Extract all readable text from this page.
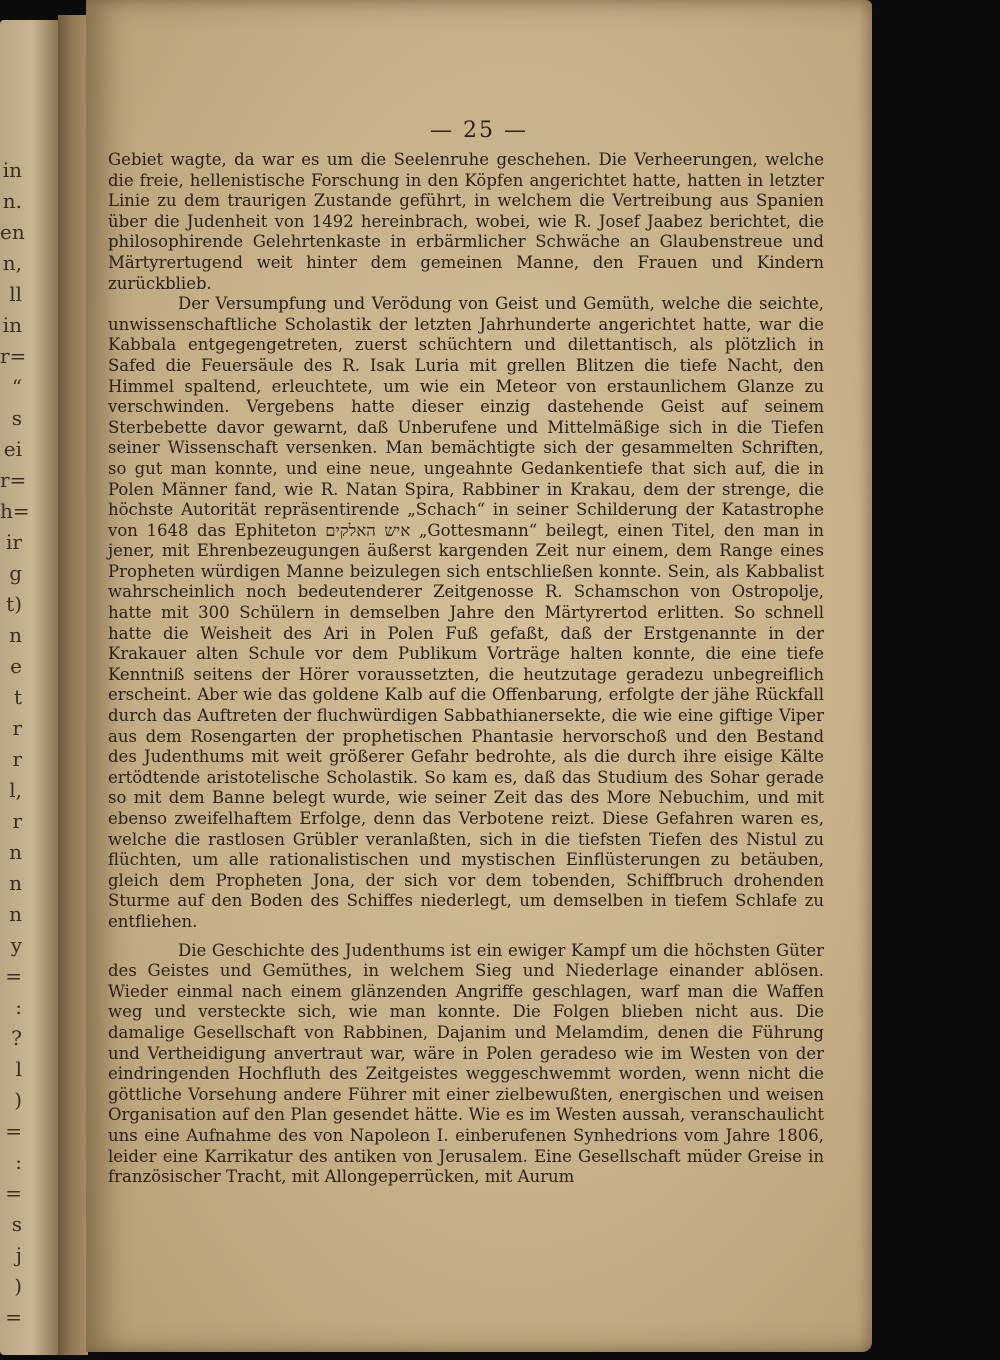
in
n.
en
n,
ll
in
r=
“
s
ei
r=
h=
ir
g
t)
n
e
t
r
r
l,
r
n
n
n
y
=
:
?
l
)
=
:
=
s
j
)
=
— 25 —

Gebiet wagte, da war es um die Seelenruhe geschehen. Die Verheerungen, welche die freie, hellenistische Forschung in den Köpfen angerichtet hatte, hatten in letzter Linie zu dem traurigen Zustande geführt, in welchem die Vertreibung aus Spanien über die Judenheit von 1492 hereinbrach, wobei, wie R. Josef Jaabez berichtet, die philosophirende Gelehrtenkaste in erbärmlicher Schwäche an Glaubenstreue und Märtyrertugend weit hinter dem gemeinen Manne, den Frauen und Kindern zurückblieb.

Der Versumpfung und Verödung von Geist und Gemüth, welche die seichte, unwissenschaftliche Scholastik der letzten Jahrhunderte angerichtet hatte, war die Kabbala entgegengetreten, zuerst schüchtern und dilettantisch, als plötzlich in Safed die Feuersäule des R. Isak Luria mit grellen Blitzen die tiefe Nacht, den Himmel spaltend, erleuchtete, um wie ein Meteor von erstaunlichem Glanze zu verschwinden. Vergebens hatte dieser einzig dastehende Geist auf seinem Sterbebette davor gewarnt, daß Unberufene und Mittelmäßige sich in die Tiefen seiner Wissenschaft versenken. Man bemächtigte sich der gesammelten Schriften, so gut man konnte, und eine neue, ungeahnte Gedankentiefe that sich auf, die in Polen Männer fand, wie R. Natan Spira, Rabbiner in Krakau, dem der strenge, die höchste Autorität repräsentirende „Schach“ in seiner Schilderung der Katastrophe von 1648 das Ephiteton איש האלקים „Gottesmann“ beilegt, einen Titel, den man in jener, mit Ehrenbezeugungen äußerst kargenden Zeit nur einem, dem Range eines Propheten würdigen Manne beizulegen sich entschließen konnte. Sein, als Kabbalist wahrscheinlich noch bedeutenderer Zeitgenosse R. Schamschon von Ostropolje, hatte mit 300 Schülern in demselben Jahre den Märtyrertod erlitten. So schnell hatte die Weisheit des Ari in Polen Fuß gefaßt, daß der Erstgenannte in der Krakauer alten Schule vor dem Publikum Vorträge halten konnte, die eine tiefe Kenntniß seitens der Hörer voraussetzten, die heutzutage geradezu unbegreiflich erscheint. Aber wie das goldene Kalb auf die Offenbarung, erfolgte der jähe Rückfall durch das Auftreten der fluchwürdigen Sabbathianersekte, die wie eine giftige Viper aus dem Rosengarten der prophetischen Phantasie hervorschoß und den Bestand des Judenthums mit weit größerer Gefahr bedrohte, als die durch ihre eisige Kälte ertödtende aristotelische Scholastik. So kam es, daß das Studium des Sohar gerade so mit dem Banne belegt wurde, wie seiner Zeit das des More Nebuchim, und mit ebenso zweifelhaftem Erfolge, denn das Verbotene reizt. Diese Gefahren waren es, welche die rastlosen Grübler veranlaßten, sich in die tiefsten Tiefen des Nistul zu flüchten, um alle rationalistischen und mystischen Einflüsterungen zu betäuben, gleich dem Propheten Jona, der sich vor dem tobenden, Schiffbruch drohenden Sturme auf den Boden des Schiffes niederlegt, um demselben in tiefem Schlafe zu entfliehen.

Die Geschichte des Judenthums ist ein ewiger Kampf um die höchsten Güter des Geistes und Gemüthes, in welchem Sieg und Niederlage einander ablösen. Wieder einmal nach einem glänzenden Angriffe geschlagen, warf man die Waffen weg und versteckte sich, wie man konnte. Die Folgen blieben nicht aus. Die damalige Gesellschaft von Rabbinen, Dajanim und Melamdim, denen die Führung und Vertheidigung anvertraut war, wäre in Polen geradeso wie im Westen von der eindringenden Hochfluth des Zeitgeistes weggeschwemmt worden, wenn nicht die göttliche Vorsehung andere Führer mit einer zielbewußten, energischen und weisen Organisation auf den Plan gesendet hätte. Wie es im Westen aussah, veranschaulicht uns eine Aufnahme des von Napoleon I. einberufenen Synhedrions vom Jahre 1806, leider eine Karrikatur des antiken von Jerusalem. Eine Gesellschaft müder Greise in französischer Tracht, mit Allongeperrücken, mit Aurum
